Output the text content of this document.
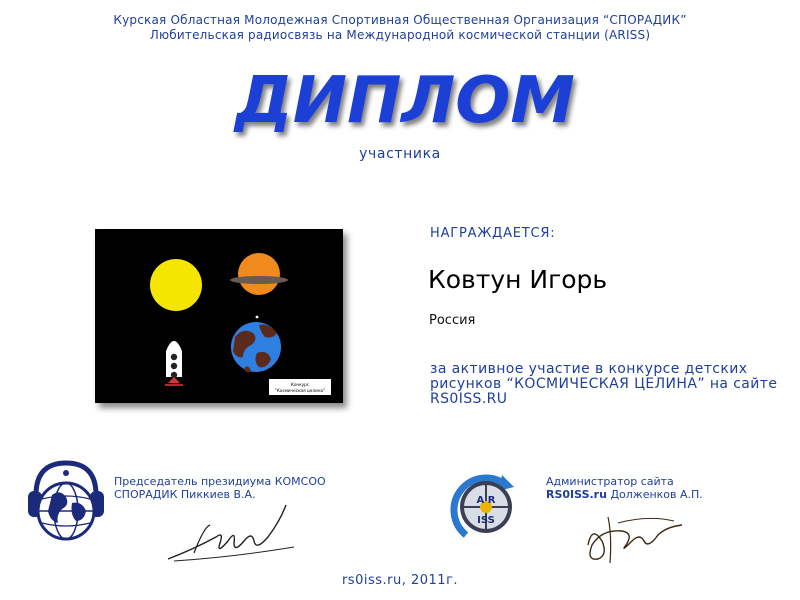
Курская Областная Молодежная Спортивная Общественная Организация “СПОРАДИК”
Любительская радиосвязь на Международной космической станции (ARISS)
ДИПЛОМ
участника
Конкурс
“Космическая целина”
НАГРАЖДАЕТСЯ:
Ковтун Игорь
Россия
за активное участие в конкурсе детских рисунков “КОСМИЧЕСКАЯ ЦЕЛИНА” на сайте RS0ISS.RU
Председатель президиума КОМСОО
СПОРАДИК Пиккиев В.А.	A R
ISS
Администратор сайта
RS0ISS.ru Долженков А.П.
rs0iss.ru, 2011г.
